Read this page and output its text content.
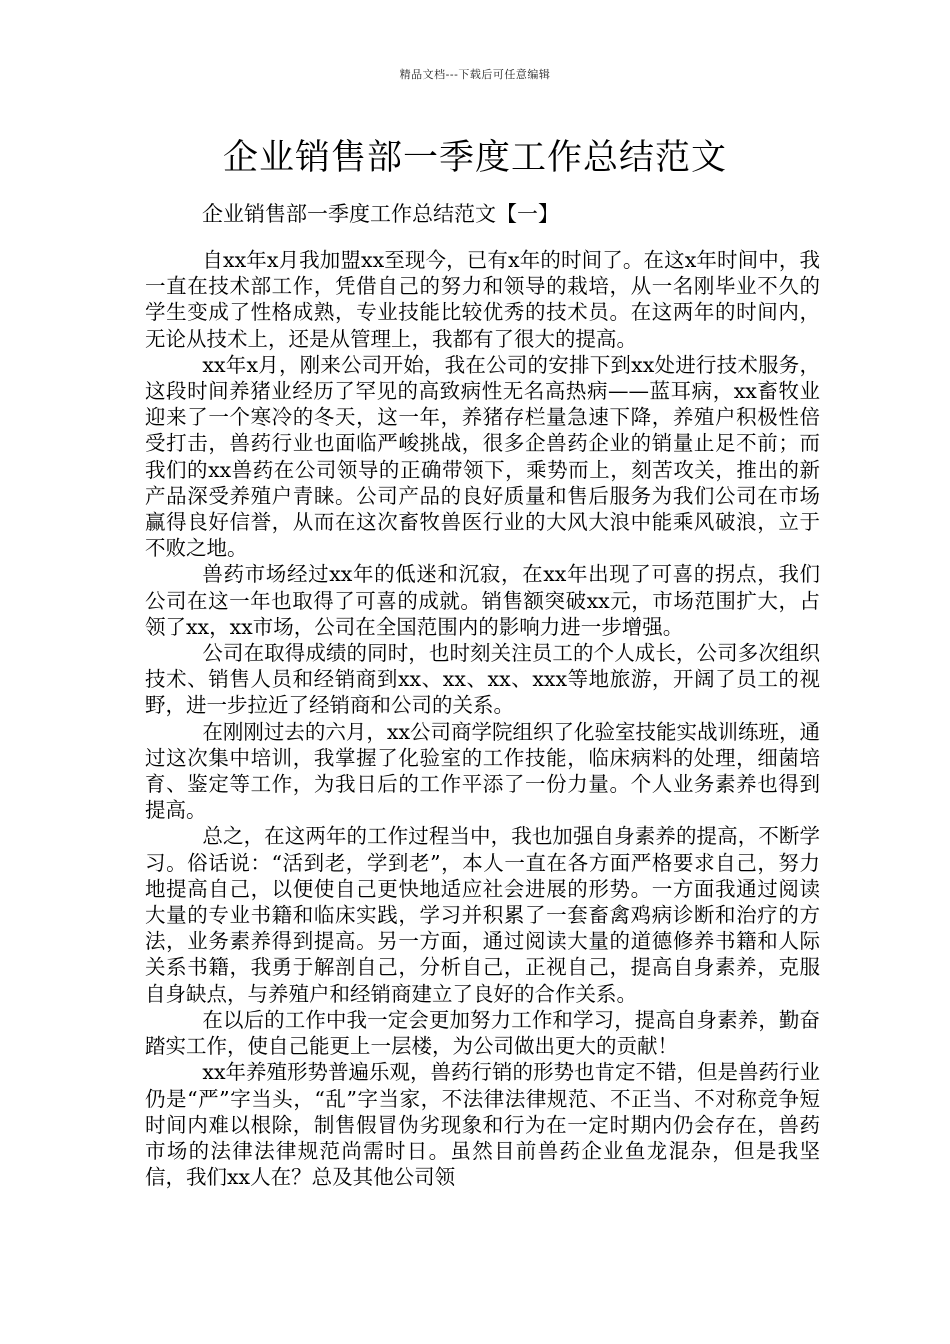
精品文档---下载后可任意编辑
企业销售部一季度工作总结范文
企业销售部一季度工作总结范文【一】

自xx年x月我加盟xx至现今，已有x年的时间了。在这x年时间中，我一直在技术部工作，凭借自己的努力和领导的栽培，从一名刚毕业不久的学生变成了性格成熟，专业技能比较优秀的技术员。在这两年的时间内，无论从技术上，还是从管理上，我都有了很大的提高。

xx年x月，刚来公司开始，我在公司的安排下到xx处进行技术服务，这段时间养猪业经历了罕见的高致病性无名高热病——蓝耳病，xx畜牧业迎来了一个寒冷的冬天，这一年，养猪存栏量急速下降，养殖户积极性倍受打击，兽药行业也面临严峻挑战，很多企兽药企业的销量止足不前；而我们的xx兽药在公司领导的正确带领下，乘势而上，刻苦攻关，推出的新产品深受养殖户青睐。公司产品的良好质量和售后服务为我们公司在市场赢得良好信誉，从而在这次畜牧兽医行业的大风大浪中能乘风破浪，立于不败之地。

兽药市场经过xx年的低迷和沉寂，在xx年出现了可喜的拐点，我们公司在这一年也取得了可喜的成就。销售额突破xx元，市场范围扩大，占领了xx，xx市场，公司在全国范围内的影响力进一步增强。

公司在取得成绩的同时，也时刻关注员工的个人成长，公司多次组织技术、销售人员和经销商到xx、xx、xx、xxx等地旅游，开阔了员工的视野，进一步拉近了经销商和公司的关系。

在刚刚过去的六月，xx公司商学院组织了化验室技能实战训练班，通过这次集中培训，我掌握了化验室的工作技能，临床病料的处理，细菌培育、鉴定等工作，为我日后的工作平添了一份力量。个人业务素养也得到提高。

总之，在这两年的工作过程当中，我也加强自身素养的提高，不断学习。俗话说：“活到老，学到老”，本人一直在各方面严格要求自己，努力地提高自己，以便使自己更快地适应社会进展的形势。一方面我通过阅读大量的专业书籍和临床实践，学习并积累了一套畜禽鸡病诊断和治疗的方法，业务素养得到提高。另一方面，通过阅读大量的道德修养书籍和人际关系书籍，我勇于解剖自己，分析自己，正视自己，提高自身素养，克服自身缺点，与养殖户和经销商建立了良好的合作关系。

在以后的工作中我一定会更加努力工作和学习，提高自身素养，勤奋踏实工作，使自己能更上一层楼，为公司做出更大的贡献！

xx年养殖形势普遍乐观，兽药行销的形势也肯定不错，但是兽药行业仍是“严”字当头，“乱”字当家，不法律法律规范、不正当、不对称竞争短时间内难以根除，制售假冒伪劣现象和行为在一定时期内仍会存在，兽药市场的法律法律规范尚需时日。虽然目前兽药企业鱼龙混杂，但是我坚信，我们xx人在？总及其他公司领
